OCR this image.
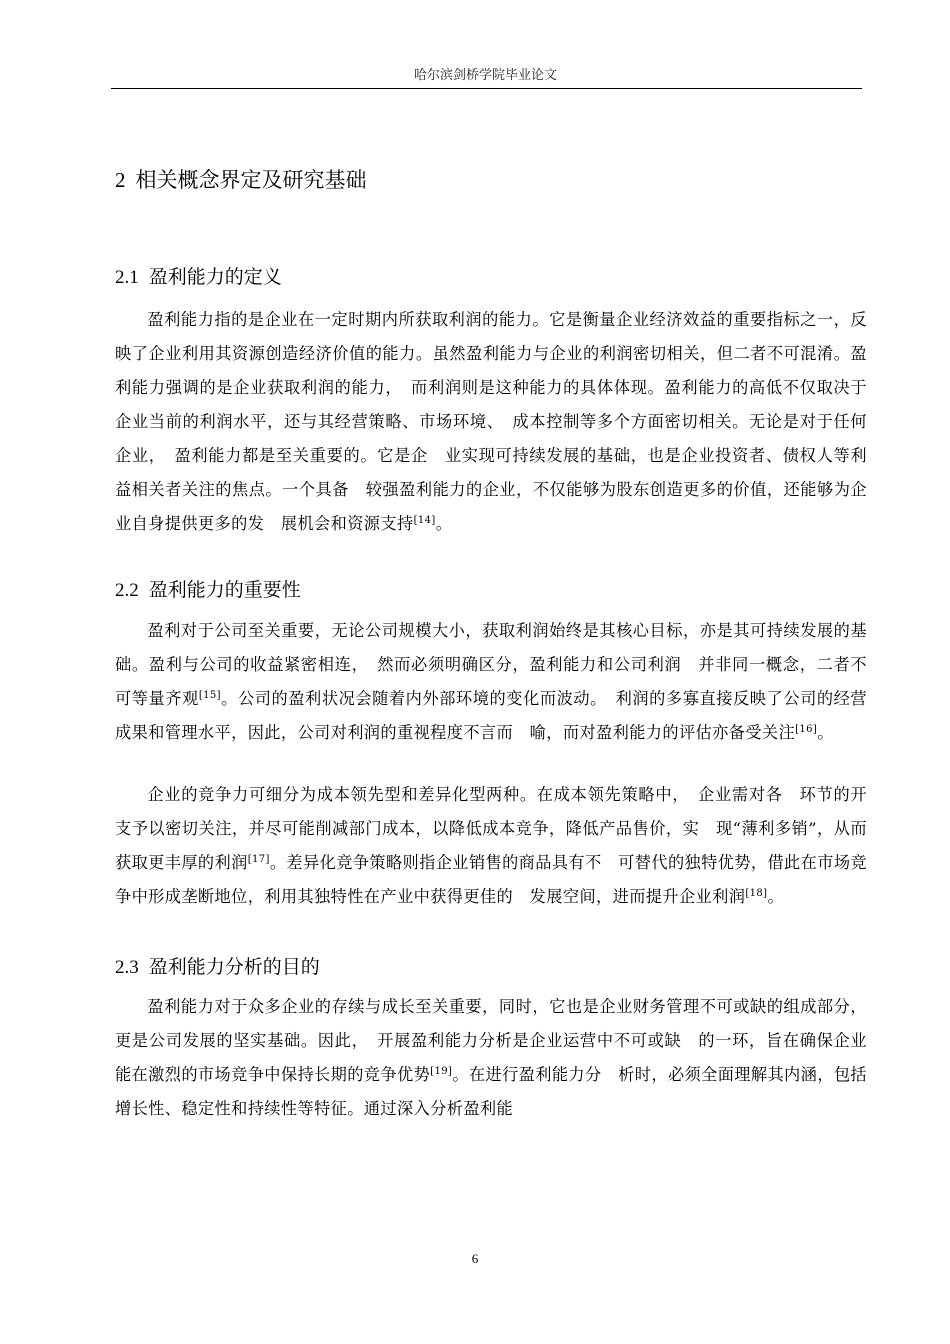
哈尔滨剑桥学院毕业论文
2 相关概念界定及研究基础
2.1 盈利能力的定义

盈利能力指的是企业在一定时期内所获取利润的能力。它是衡量企业经济效益的重要指标之一，反映了企业利用其资源创造经济价值的能力。虽然盈利能力与企业的利润密切相关，但二者不可混淆。盈利能力强调的是企业获取利润的能力，　而利润则是这种能力的具体体现。盈利能力的高低不仅取决于企业当前的利润水平，还与其经营策略、市场环境、　成本控制等多个方面密切相关。无论是对于任何企业，　盈利能力都是至关重要的。它是企　业实现可持续发展的基础，也是企业投资者、债权人等利益相关者关注的焦点。一个具备　较强盈利能力的企业，不仅能够为股东创造更多的价值，还能够为企业自身提供更多的发　展机会和资源支持[14]。

2.2 盈利能力的重要性

盈利对于公司至关重要，无论公司规模大小，获取利润始终是其核心目标，亦是其可持续发展的基础。盈利与公司的收益紧密相连，　然而必须明确区分，盈利能力和公司利润　并非同一概念，二者不可等量齐观[15]。公司的盈利状况会随着内外部环境的变化而波动。　利润的多寡直接反映了公司的经营成果和管理水平，因此，公司对利润的重视程度不言而　喻，而对盈利能力的评估亦备受关注[16]。

企业的竞争力可细分为成本领先型和差异化型两种。在成本领先策略中，　企业需对各　环节的开支予以密切关注，并尽可能削减部门成本，以降低成本竞争，降低产品售价，实　现“薄利多销”，从而获取更丰厚的利润[17]。差异化竞争策略则指企业销售的商品具有不　可替代的独特优势，借此在市场竞争中形成垄断地位，利用其独特性在产业中获得更佳的　发展空间，进而提升企业利润[18]。

2.3 盈利能力分析的目的

盈利能力对于众多企业的存续与成长至关重要，同时，它也是企业财务管理不可或缺的组成部分，更是公司发展的坚实基础。因此，　开展盈利能力分析是企业运营中不可或缺　的一环，旨在确保企业能在激烈的市场竞争中保持长期的竞争优势[19]。在进行盈利能力分　析时，必须全面理解其内涵，包括增长性、稳定性和持续性等特征。通过深入分析盈利能

6
